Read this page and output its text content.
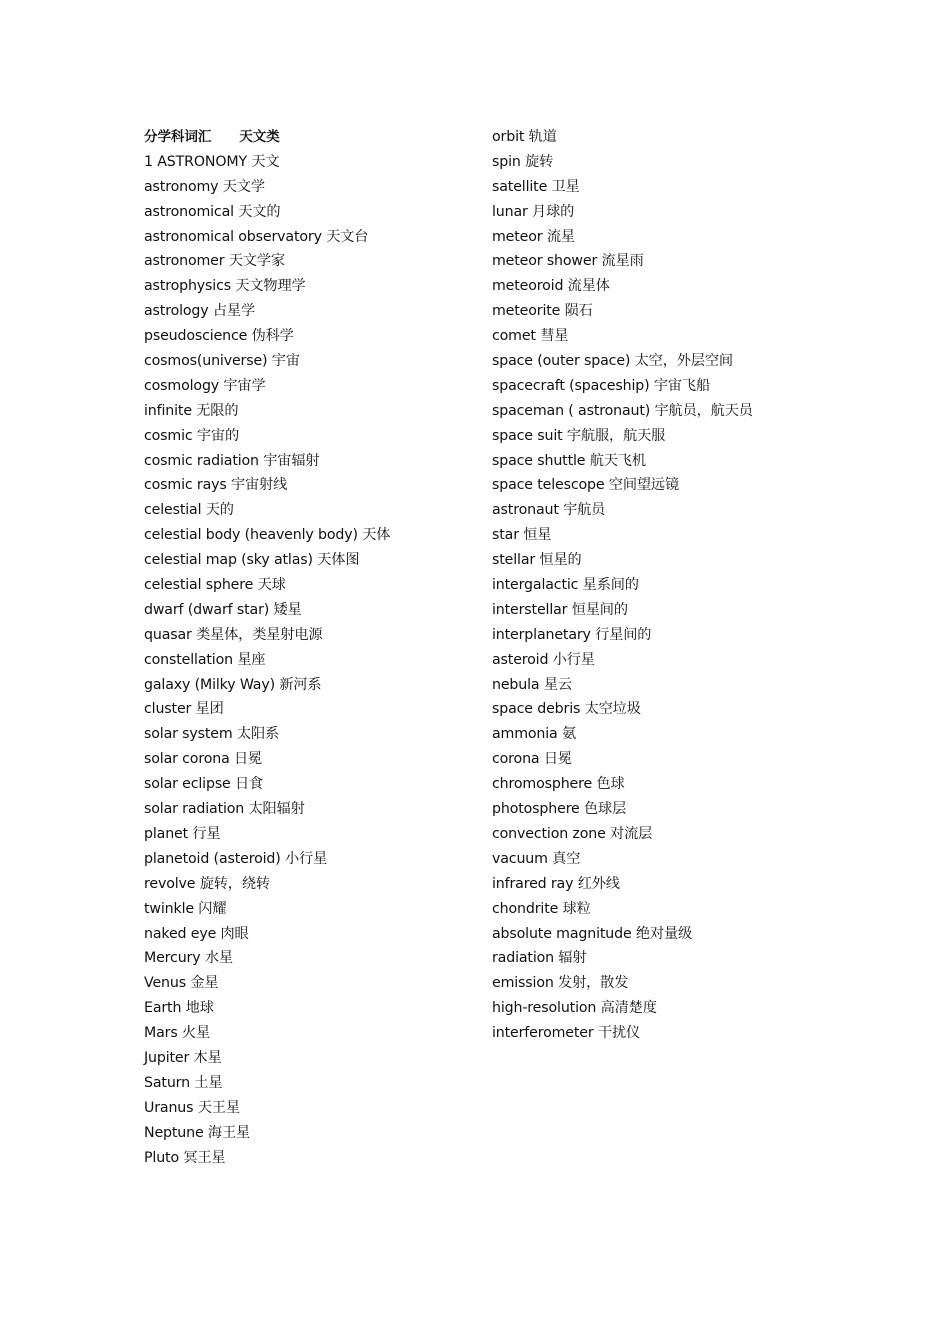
分学科词汇 天文类
1 ASTRONOMY 天文
astronomy 天文学
astronomical 天文的
astronomical observatory 天文台
astronomer 天文学家
astrophysics 天文物理学
astrology 占星学
pseudoscience 伪科学
cosmos(universe) 宇宙
cosmology 宇宙学
infinite 无限的
cosmic 宇宙的
cosmic radiation 宇宙辐射
cosmic rays 宇宙射线
celestial 天的
celestial body (heavenly body) 天体
celestial map (sky atlas) 天体图
celestial sphere 天球
dwarf (dwarf star) 矮星
quasar 类星体，类星射电源
constellation 星座
galaxy (Milky Way) 新河系
cluster 星团
solar system 太阳系
solar corona 日冕
solar eclipse 日食
solar radiation 太阳辐射
planet 行星
planetoid (asteroid) 小行星
revolve 旋转，绕转
twinkle 闪耀
naked eye 肉眼
Mercury 水星
Venus 金星
Earth 地球
Mars 火星
Jupiter 木星
Saturn 土星
Uranus 天王星
Neptune 海王星
Pluto 冥王星
orbit 轨道
spin 旋转
satellite 卫星
lunar 月球的
meteor 流星
meteor shower 流星雨
meteoroid 流星体
meteorite 陨石
comet 彗星
space (outer space) 太空，外层空间
spacecraft (spaceship) 宇宙飞船
spaceman ( astronaut) 宇航员，航天员
space suit 宇航服，航天服
space shuttle 航天飞机
space telescope 空间望远镜
astronaut 宇航员
star 恒星
stellar 恒星的
intergalactic 星系间的
interstellar 恒星间的
interplanetary 行星间的
asteroid 小行星
nebula 星云
space debris 太空垃圾
ammonia 氨
corona 日冕
chromosphere 色球
photosphere 色球层
convection zone 对流层
vacuum 真空
infrared ray 红外线
chondrite 球粒
absolute magnitude 绝对量级
radiation 辐射
emission 发射，散发
high-resolution 高清楚度
interferometer 干扰仪
